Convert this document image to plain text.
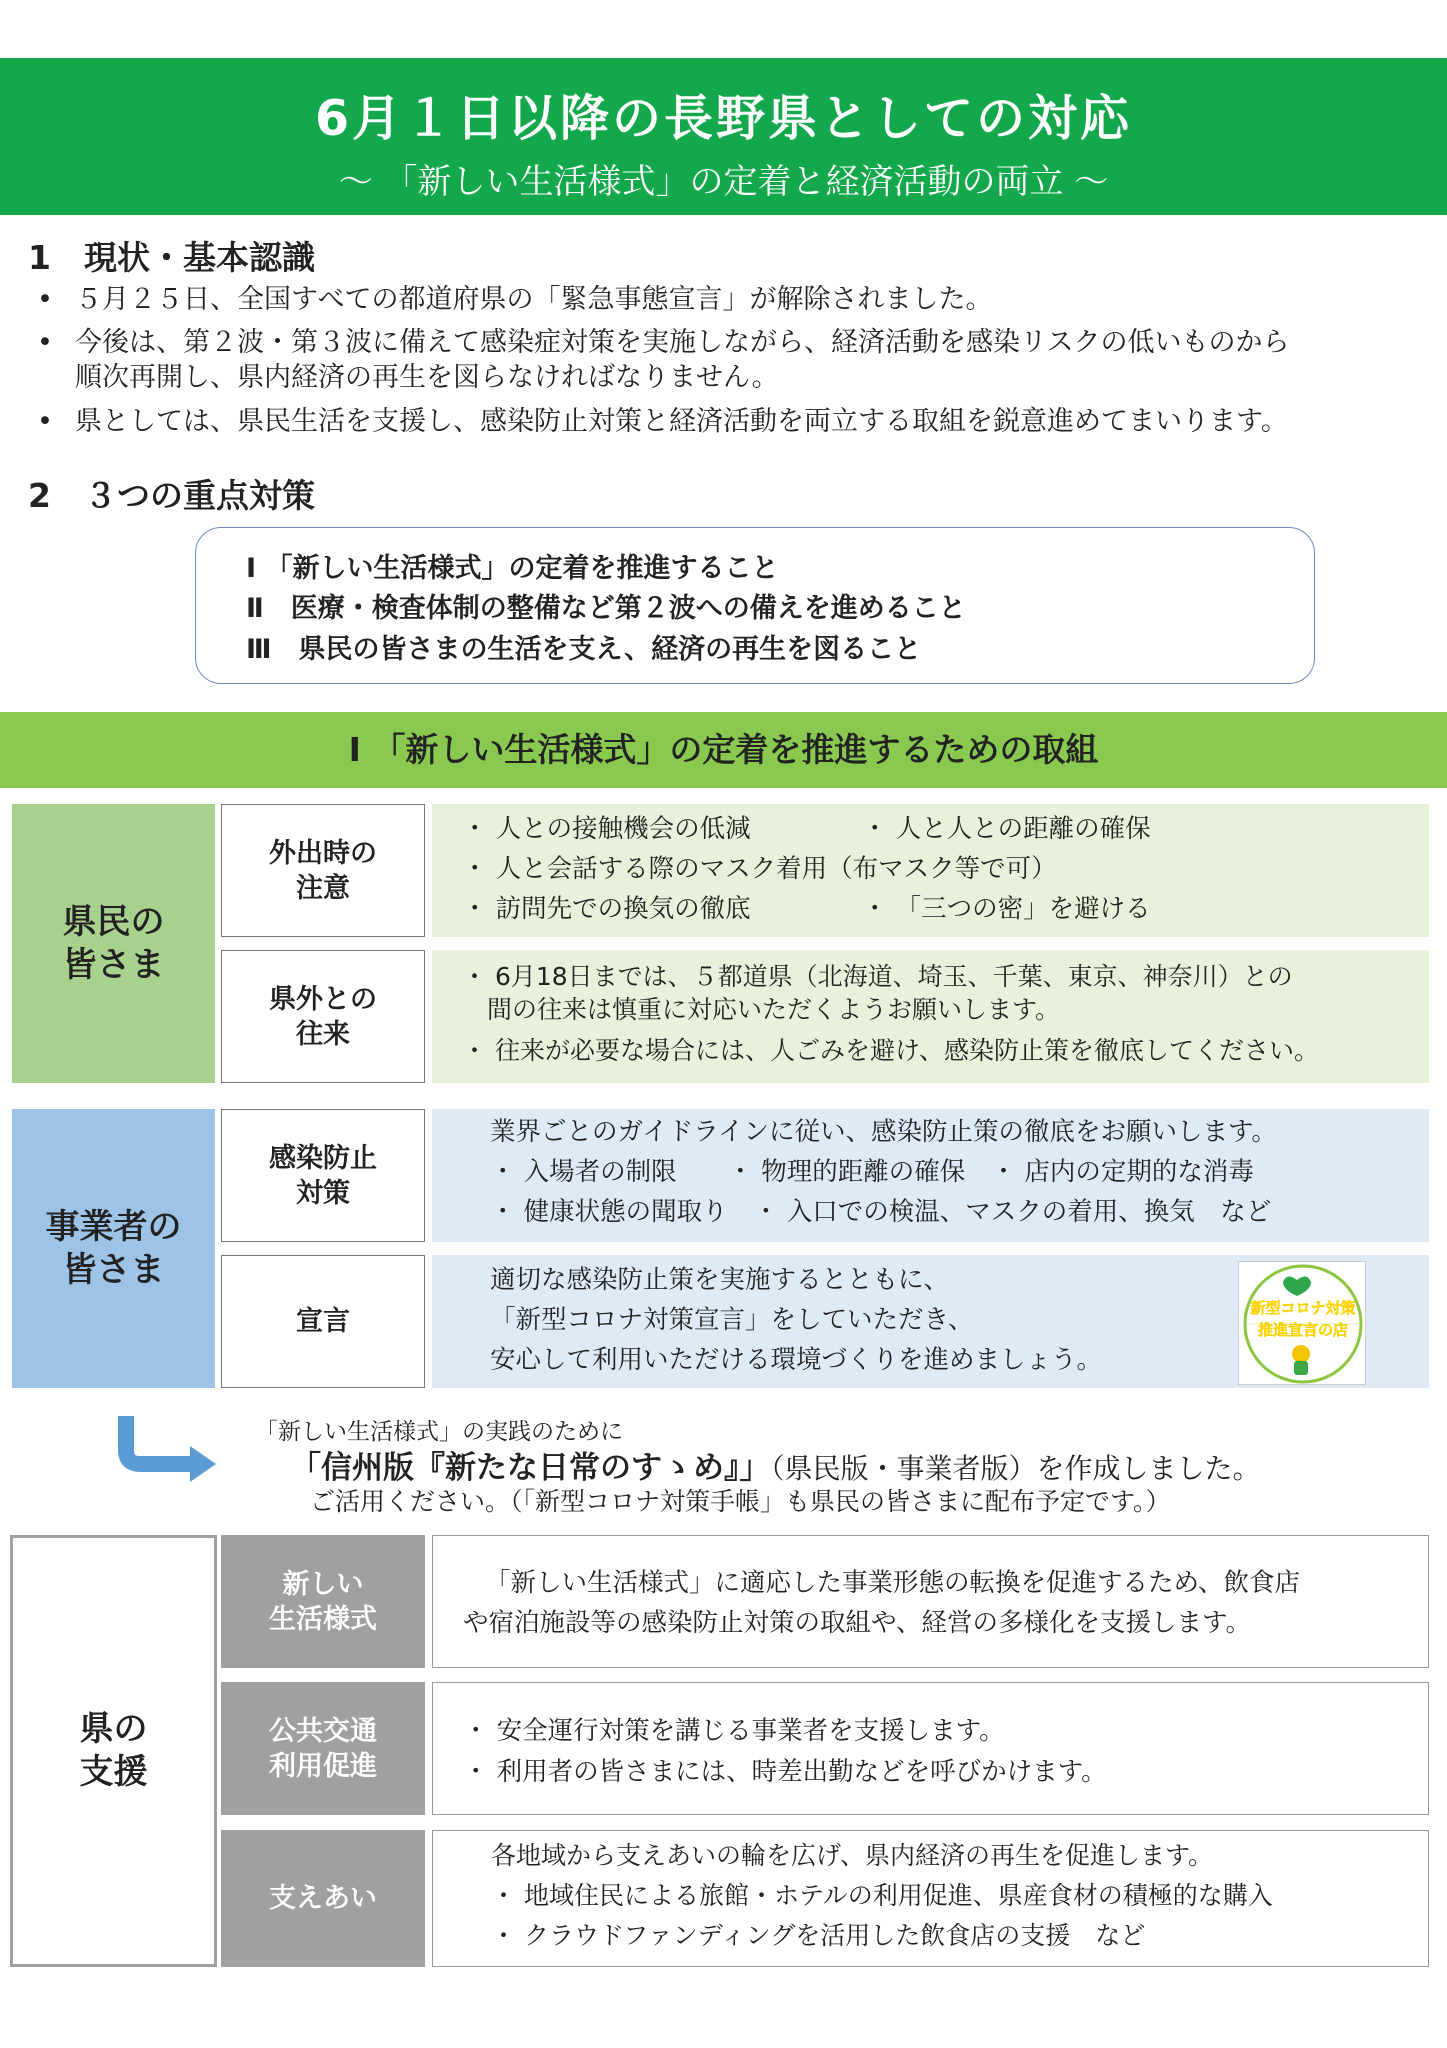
6月１日以降の長野県としての対応
～ 「新しい生活様式」の定着と経済活動の両立 ～
1　現状・基本認識
• ５月２５日、全国すべての都道府県の「緊急事態宣言」が解除されました。
• 今後は、第２波・第３波に備えて感染症対策を実施しながら、経済活動を感染リスクの低いものから
順次再開し、県内経済の再生を図らなければなりません。
• 県としては、県民生活を支援し、感染防止対策と経済活動を両立する取組を鋭意進めてまいります。
2　３つの重点対策
Ⅰ 「新しい生活様式」の定着を推進すること
Ⅱ　医療・検査体制の整備など第２波への備えを進めること
Ⅲ　県民の皆さまの生活を支え、経済の再生を図ること
Ⅰ 「新しい生活様式」の定着を推進するための取組
県民の
皆さま
外出時の
注意
・ 人との接触機会の低減	・ 人と人との距離の確保
・ 人と会話する際のマスク着用（布マスク等で可）
・ 訪問先での換気の徹底	・ 「三つの密」を避ける
県外との
往来
・ 6月18日までは、５都道県（北海道、埼玉、千葉、東京、神奈川）との
　間の往来は慎重に対応いただくようお願いします。
・ 往来が必要な場合には、人ごみを避け、感染防止策を徹底してください。
事業者の
皆さま
感染防止
対策
業界ごとのガイドラインに従い、感染防止策の徹底をお願いします。
・ 入場者の制限　　・ 物理的距離の確保　・ 店内の定期的な消毒
・ 健康状態の聞取り　・ 入口での検温、マスクの着用、換気　など
宣言
適切な感染防止策を実施するとともに、
「新型コロナ対策宣言」をしていただき、
安心して利用いただける環境づくりを進めましょう。
新型コロナ対策
推進宣言の店
「新しい生活様式」の実践のために
「信州版『新たな日常のすゝめ』」（県民版・事業者版）を作成しました。
ご活用ください。（「新型コロナ対策手帳」も県民の皆さまに配布予定です。）
県の
支援
新しい
生活様式
「新しい生活様式」に適応した事業形態の転換を促進するため、飲食店
や宿泊施設等の感染防止対策の取組や、経営の多様化を支援します。
公共交通
利用促進
・ 安全運行対策を講じる事業者を支援します。
・ 利用者の皆さまには、時差出勤などを呼びかけます。
支えあい
各地域から支えあいの輪を広げ、県内経済の再生を促進します。
・ 地域住民による旅館・ホテルの利用促進、県産食材の積極的な購入
・ クラウドファンディングを活用した飲食店の支援　など
